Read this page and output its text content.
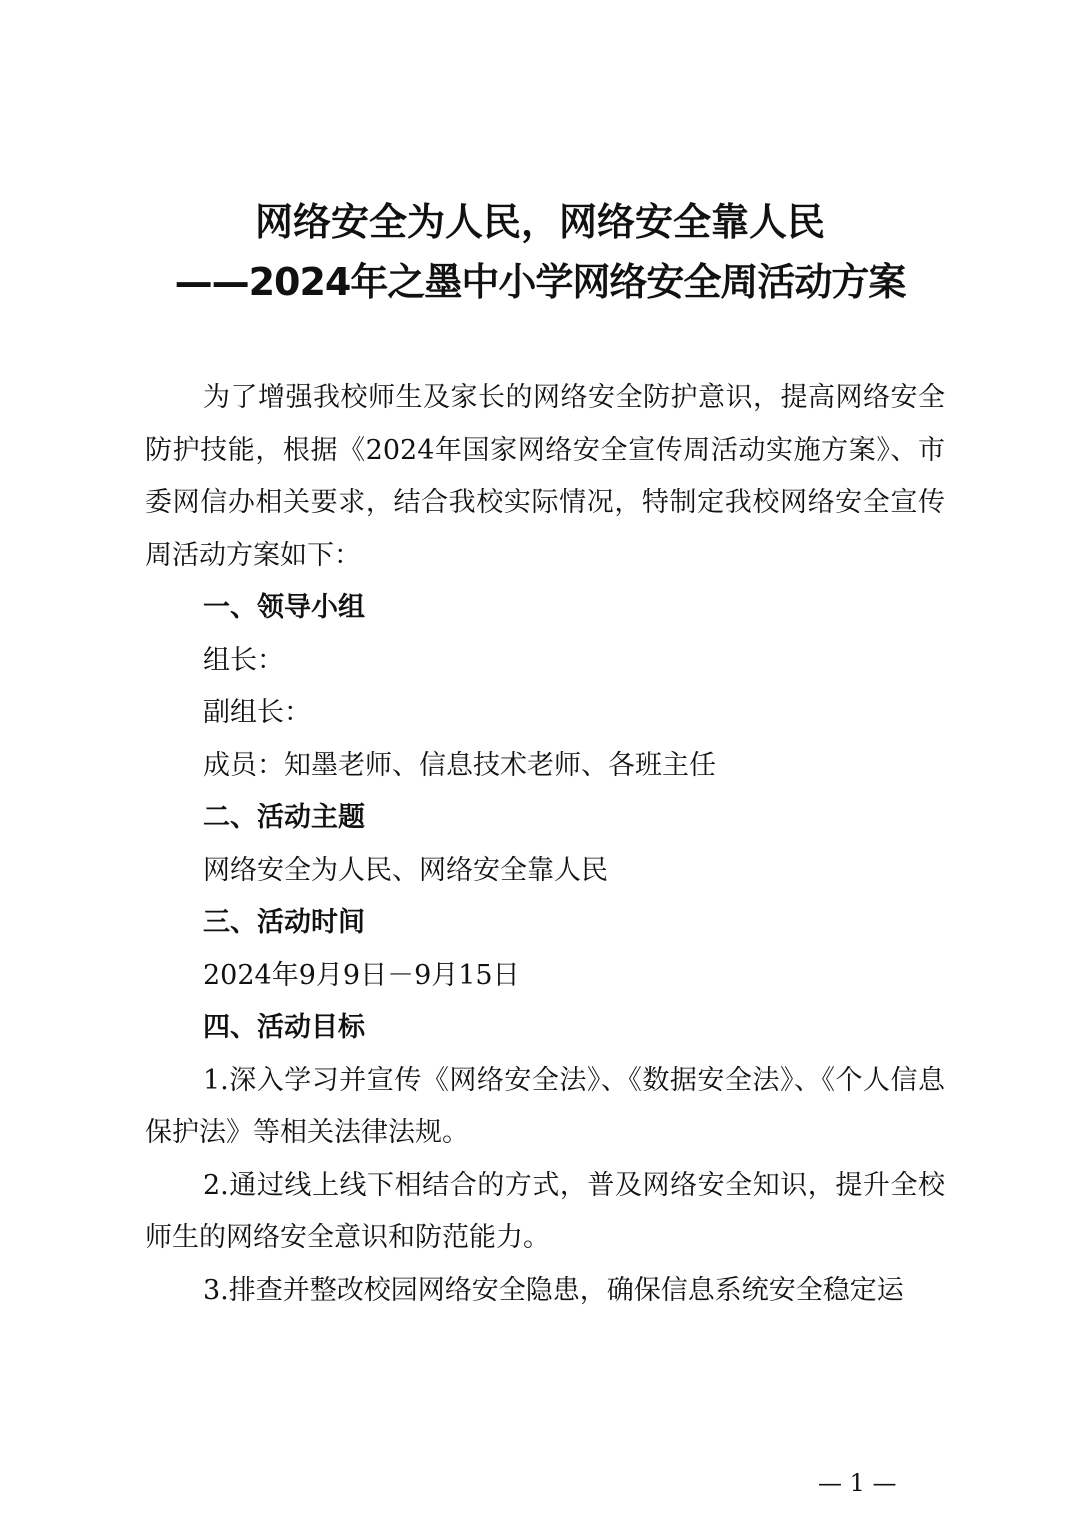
网络安全为人民，网络安全靠人民
——2024年之墨中小学网络安全周活动方案

为了增强我校师生及家长的网络安全防护意识，提高网络安全防护技能，根据《2024年国家网络安全宣传周活动实施方案》、市委网信办相关要求，结合我校实际情况，特制定我校网络安全宣传周活动方案如下：

一、领导小组

组长：

副组长：

成员：知墨老师、信息技术老师、各班主任

二、活动主题

网络安全为人民、网络安全靠人民

三、活动时间

2024年9月9日－9月15日

四、活动目标

1.深入学习并宣传《网络安全法》、《数据安全法》、《个人信息保护法》等相关法律法规。

2.通过线上线下相结合的方式，普及网络安全知识，提升全校师生的网络安全意识和防范能力。

3.排查并整改校园网络安全隐患，确保信息系统安全稳定运

— 1 —
